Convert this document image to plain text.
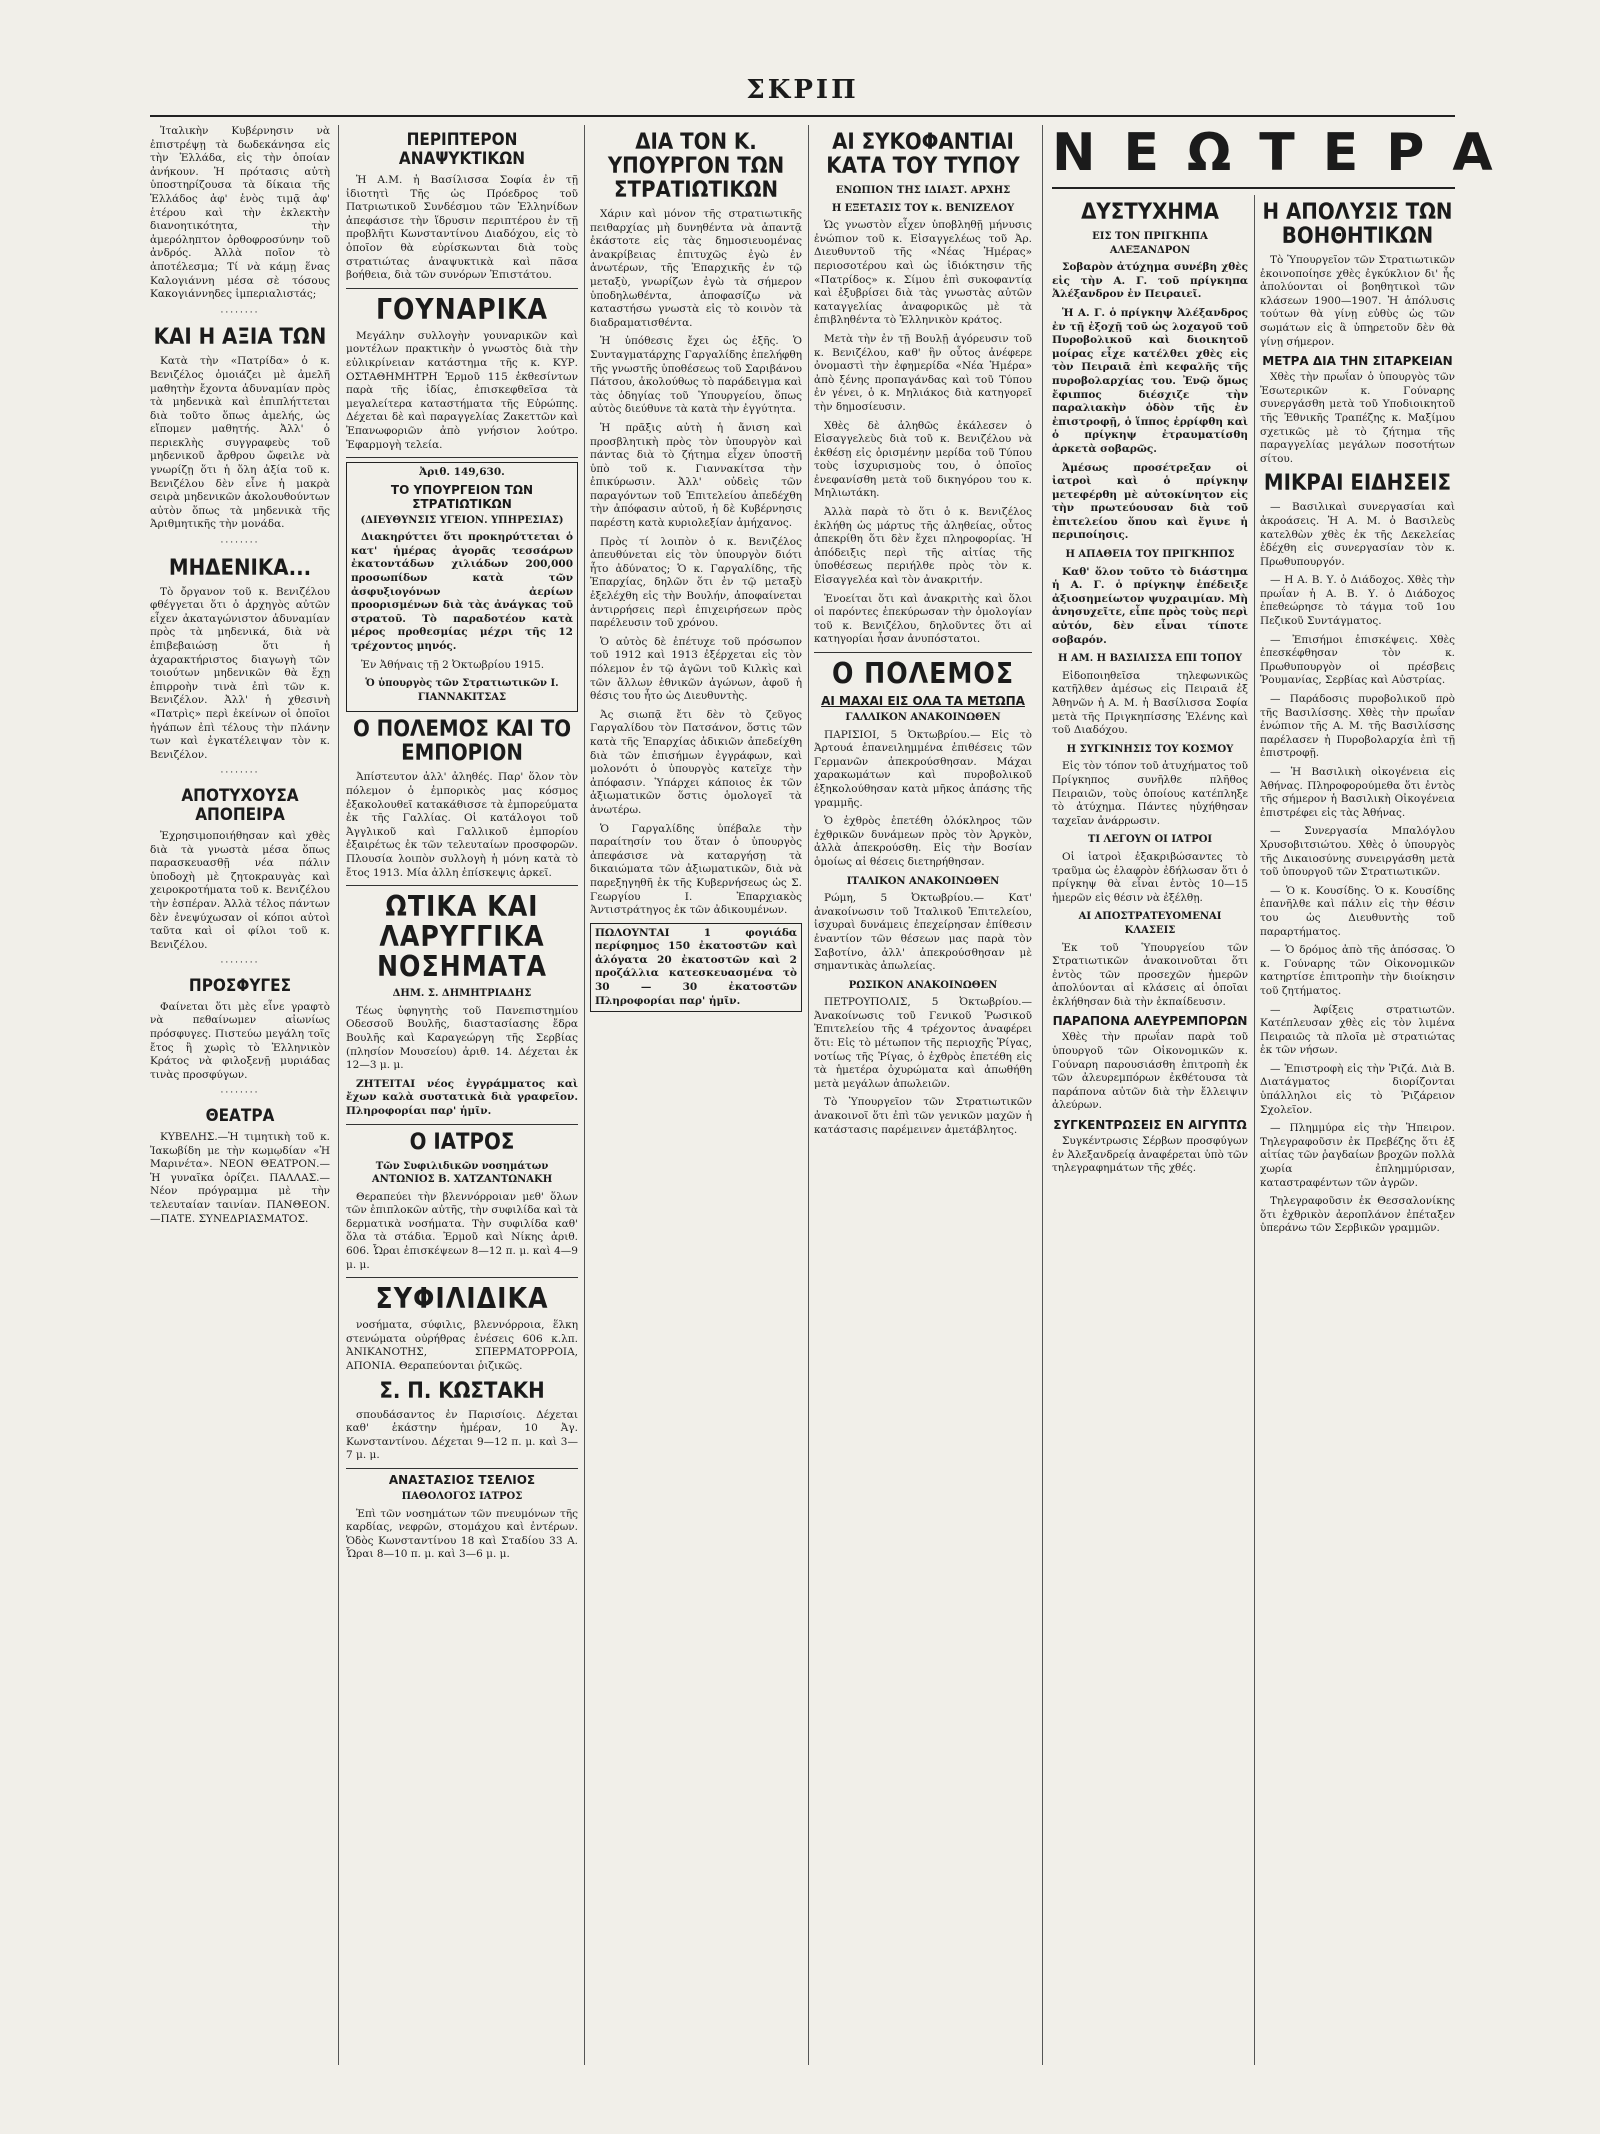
ΣΚΡΙΠ

Ἰταλικὴν Κυβέρνησιν νὰ ἐπιστρέψῃ τὰ δωδεκάνησα εἰς τὴν Ἑλλάδα, εἰς τὴν ὁποίαν ἀνήκουν. Ἡ πρότασις αὐτὴ ὑποστηρίζουσα τὰ δίκαια τῆς Ἑλλάδος ἀφ' ἑνὸς τιμᾷ ἀφ' ἑτέρου καὶ τὴν ἐκλεκτὴν διανοητικότητα, τὴν ἀμερόληπτον ὀρθοφροσύνην τοῦ ἀνδρός. Ἀλλὰ ποῖον τὸ ἀποτέλεσμα; Τί νὰ κάμῃ ἕνας Καλογιάννη μέσα σὲ τόσους Κακογιάννηδες ἱμπεριαλιστάς;

········
ΚΑΙ Η ΑΞΙΑ ΤΩΝ

Κατὰ τὴν «Πατρίδα» ὁ κ. Βενιζέλος ὁμοιάζει μὲ ἀμελῆ μαθητὴν ἔχοντα ἀδυναμίαν πρὸς τὰ μηδενικὰ καὶ ἐπιπλήττεται διὰ τοῦτο ὅπως ἀμελής, ὡς εἴπομεν μαθητής. Ἀλλ' ὁ περιεκλὴς συγγραφεὺς τοῦ μηδενικοῦ ἄρθρου ὤφειλε νὰ γνωρίζῃ ὅτι ἡ ὅλη ἀξία τοῦ κ. Βενιζέλου δὲν εἶνε ἡ μακρὰ σειρὰ μηδενικῶν ἀκολουθούντων αὐτὸν ὅπως τὰ μηδενικὰ τῆς Ἀριθμητικῆς τὴν μονάδα.

········
ΜΗΔΕΝΙΚΑ...

Τὸ ὄργανον τοῦ κ. Βενιζέλου φθέγγεται ὅτι ὁ ἀρχηγὸς αὐτῶν εἶχεν ἀκαταγώνιστον ἀδυναμίαν πρὸς τὰ μηδενικά, διὰ νὰ ἐπιβεβαιώσῃ ὅτι ἡ ἀχαρακτήριστος διαγωγὴ τῶν τοιούτων μηδενικῶν θὰ ἔχῃ ἐπιρροὴν τινὰ ἐπὶ τῶν κ. Βενιζέλον. Ἀλλ' ἡ χθεσινὴ «Πατρὶς» περὶ ἐκείνων οἱ ὁποῖοι ἠγάπων ἐπὶ τέλους τὴν πλάνην των καὶ ἐγκατέλειψαν τὸν κ. Βενιζέλον.

········
ΑΠΟΤΥΧΟΥΣΑ ΑΠΟΠΕΙΡΑ

Ἐχρησιμοποιήθησαν καὶ χθὲς διὰ τὰ γνωστὰ μέσα ὅπως παρασκευασθῇ νέα πάλιν ὑποδοχὴ μὲ ζητοκραυγὰς καὶ χειροκροτήματα τοῦ κ. Βενιζέλου τὴν ἑσπέραν. Ἀλλὰ τέλος πάντων δὲν ἐνεψύχωσαν οἱ κόποι αὐτοὶ ταῦτα καὶ οἱ φίλοι τοῦ κ. Βενιζέλου.

········
ΠΡΟΣΦΥΓΕΣ

Φαίνεται ὅτι μὲς εἶνε γραφτὸ νὰ πεθαίνωμεν αἰωνίως πρόσφυγες. Πιστεύω μεγάλη τοῖς ἔτος ἢ χωρὶς τὸ Ἑλληνικὸν Κράτος νὰ φιλοξενῇ μυριάδας τινὰς προσφύγων.

········
ΘΕΑΤΡΑ

ΚΥΒΕΛΗΣ.—Ἡ τιμητικὴ τοῦ κ. Ἰακωβίδη με τὴν κωμῳδίαν «Ἡ Μαρινέτα». ΝΕΟΝ ΘΕΑΤΡΟΝ.—Ἡ γυναῖκα ὁρίζει. ΠΑΛΛΑΣ.—Νέον πρόγραμμα μὲ τὴν τελευταίαν ταινίαν. ΠΑΝΘΕΟΝ.—ΠΑΤΕ. ΣΥΝΕΔΡΙΑΣΜΑΤΟΣ.

ΠΕΡΙΠΤΕΡΟΝ ΑΝΑΨΥΚΤΙΚΩΝ

Ἡ Α.Μ. ἡ Βασίλισσα Σοφία ἐν τῇ ἰδιοτητὶ Τῆς ὡς Πρόεδρος τοῦ Πατριωτικοῦ Συνδέσμου τῶν Ἑλληνίδων ἀπεφάσισε τὴν ἵδρυσιν περιπτέρου ἐν τῇ προβλῆτι Κωνσταντίνου Διαδόχου, εἰς τὸ ὁποῖον θὰ εὑρίσκωνται διὰ τοὺς στρατιώτας ἀναψυκτικὰ καὶ πᾶσα βοήθεια, διὰ τῶν συνόρων Ἐπιστάτου.

ΓΟΥΝΑΡΙΚΑ

Μεγάλην συλλογὴν γουναρικῶν καὶ μοντέλων πρακτικὴν ὁ γνωστὸς διὰ τὴν εὐλικρίνειαν κατάστημα τῆς κ. ΚΥΡ. ΟΣΤΑΘΗΜΗΤΡΗ Ἑρμοῦ 115 ἐκθεσίντων παρὰ τῆς ἰδίας, ἐπισκεφθεῖσα τὰ μεγαλείτερα καταστήματα τῆς Εὐρώπης. Δέχεται δὲ καὶ παραγγελίας Ζακεττῶν καὶ Ἐπανωφοριῶν ἀπὸ γνήσιον λούτρο. Ἐφαρμογὴ τελεία.

Ἀριθ. 149,630.
ΤΟ ΥΠΟΥΡΓΕΙΟΝ ΤΩΝ ΣΤΡΑΤΙΩΤΙΚΩΝ
(ΔΙΕΥΘΥΝΣΙΣ ΥΓΕΙΟΝ. ΥΠΗΡΕΣΙΑΣ)

Διακηρύττει ὅτι προκηρύττεται ὁ κατ' ἡμέρας ἀγορᾶς τεσσάρων ἐκατοντάδων χιλιάδων 200,000 προσωπίδων κατὰ τῶν ἀσφυξιογόνων ἀερίων προορισμένων διὰ τὰς ἀνάγκας τοῦ στρατοῦ. Τὸ παραδοτέον κατὰ μέρος προθεσμίας μέχρι τῆς 12 τρέχοντος μηνός.

Ἐν Ἀθήναις τῇ 2 Ὀκτωβρίου 1915.

Ὁ ὑπουργὸς τῶν Στρατιωτικῶν Ι. ΓΙΑΝΝΑΚΙΤΣΑΣ
Ο ΠΟΛΕΜΟΣ ΚΑΙ ΤΟ ΕΜΠΟΡΙΟΝ

Ἀπίστευτον ἀλλ' ἀληθές. Παρ' ὅλον τὸν πόλεμον ὁ ἐμπορικὸς μας κόσμος ἐξακολουθεῖ κατακάθισσε τὰ ἐμπορεύματα ἐκ τῆς Γαλλίας. Οἱ κατάλογοι τοῦ Ἀγγλικοῦ καὶ Γαλλικοῦ ἐμπορίου ἐξαιρέτως ἐκ τῶν τελευταίων προσφορῶν. Πλουσία λοιπὸν συλλογὴ ἡ μόνη κατὰ τὸ ἔτος 1913. Μία ἀλλη ἐπίσκεψις ἀρκεῖ.

ΩΤΙΚΑ ΚΑΙ ΛΑΡΥΓΓΙΚΑ ΝΟΣΗΜΑΤΑ
ΔΗΜ. Σ. ΔΗΜΗΤΡΙΑΔΗΣ

Τέως ὑφηγητὴς τοῦ Πανεπιστημίου Οδεσσοῦ Βουλῆς, διαστασίασης ἔδρα Βουλῆς καὶ Καραγεώργη τῆς Σερβίας (πλησίον Μουσείου) ἀριθ. 14. Δέχεται ἐκ 12—3 μ. μ.

ΖΗΤΕΙΤΑΙ νέος ἐγγράμματος καὶ ἔχων καλὰ συστατικὰ διὰ γραφεῖον. Πληροφορίαι παρ' ἡμῖν.

Ο ΙΑΤΡΟΣ
Τῶν Συφιλιδικῶν νοσημάτων ΑΝΤΩΝΙΟΣ Β. ΧΑΤΖΑΝΤΩΝΑΚΗ

Θεραπεύει τὴν βλεννόρροιαν μεθ' ὅλων τῶν ἐπιπλοκῶν αὐτῆς, τὴν συφιλίδα καὶ τὰ δερματικὰ νοσήματα. Τὴν συφιλίδα καθ' ὅλα τὰ στάδια. Ἐρμοῦ καὶ Νίκης ἀριθ. 606. Ὧραι ἐπισκέψεων 8—12 π. μ. καὶ 4—9 μ. μ.

ΣΥΦΙΛΙΔΙΚΑ

νοσήματα, σύφιλις, βλεννόρροια, ἕλκη στενώματα οὐρήθρας ἐνέσεις 606 κ.λπ. ἈΝΙΚΑΝΟΤΗΣ, ΣΠΕΡΜΑΤΟΡΡΟΙΑ, ΑΠΟΝΙΑ. Θεραπεύονται ῥιζικῶς.

Σ. Π. ΚΩΣΤΑΚΗ

σπουδάσαντος ἐν Παρισίοις. Δέχεται καθ' ἑκάστην ἡμέραν, 10 Ἀγ. Κωνσταντίνου. Δέχεται 9—12 π. μ. καὶ 3—7 μ. μ.

ΑΝΑΣΤΑΣΙΟΣ ΤΣΕΛΙΟΣ
ΠΑΘΟΛΟΓΟΣ ΙΑΤΡΟΣ

Ἐπὶ τῶν νοσημάτων τῶν πνευμόνων τῆς καρδίας, νεφρῶν, στομάχου καὶ ἐντέρων. Ὁδὸς Κωνσταντίνου 18 καὶ Σταδίου 33 Α. Ὧραι 8—10 π. μ. καὶ 3—6 μ. μ.

ΔΙΑ ΤΟΝ Κ. ΥΠΟΥΡΓΟΝ ΤΩΝ ΣΤΡΑΤΙΩΤΙΚΩΝ

Χάριν καὶ μόνον τῆς στρατιωτικῆς πειθαρχίας μὴ δυνηθέντα νὰ ἀπαντᾷ ἐκάστοτε εἰς τὰς δημοσιευομένας ἀνακρίβειας ἐπιτυχῶς ἐγὼ ἐν ἀνωτέρων, τῆς Ἐπαρχικῆς ἐν τῷ μεταξὺ, γνωρίζων ἐγὼ τὰ σήμερον ὑποδηλωθέντα, ἀποφασίζω νὰ καταστήσω γνωστὰ εἰς τὸ κοινὸν τὰ διαδραματισθέντα.

Ἡ ὑπόθεσις ἔχει ὡς ἑξῆς. Ὁ Συνταγματάρχης Γαργαλίδης ἐπελήφθη τῆς γνωστῆς ὑποθέσεως τοῦ Σαριβάνου Πάτσου, ἀκολούθως τὸ παράδειγμα καὶ τὰς ὁδηγίας τοῦ Ὑπουργείου, ὅπως αὐτὸς διεύθυνε τὰ κατὰ τὴν ἐγγύτητα.

Ἡ πρᾶξις αὐτὴ ἡ ἄνιση καὶ προσβλητικὴ πρὸς τὸν ὑπουργὸν καὶ πάντας διὰ τὸ ζήτημα εἶχεν ὑποστῆ ὑπὸ τοῦ κ. Γιαννακίτσα τὴν ἐπικύρωσιν. Ἀλλ' οὐδεὶς τῶν παραγόντων τοῦ Ἐπιτελείου ἀπεδέχθη τὴν ἀπόφασιν αὐτοῦ, ἡ δὲ Κυβέρνησις παρέστη κατὰ κυριολεξίαν ἀμήχανος.

Πρὸς τί λοιπὸν ὁ κ. Βενιζέλος ἀπευθύνεται εἰς τὸν ὑπουργὸν διότι ἦτο ἀδύνατος; Ὁ κ. Γαργαλίδης, τῆς Ἐπαρχίας, δηλῶν ὅτι ἐν τῷ μεταξὺ ἐξελέχθη εἰς τὴν Βουλήν, ἀποφαίνεται ἀντιρρήσεις περὶ ἐπιχειρήσεων πρὸς παρέλευσιν τοῦ χρόνου.

Ὁ αὐτὸς δὲ ἐπέτυχε τοῦ πρόσωπον τοῦ 1912 καὶ 1913 ἐξέρχεται εἰς τὸν πόλεμον ἐν τῷ ἀγῶνι τοῦ Κιλκὶς καὶ τῶν ἄλλων ἐθνικῶν ἀγώνων, ἀφοῦ ἡ θέσις του ἦτο ὡς Διευθυντὴς.

Ἀς σιωπᾷ ἔτι δὲν τὸ ζεῦγος Γαργαλίδου τὸν Πατσάνον, ὅστις τῶν κατὰ τῆς Ἐπαρχίας ἀδικιῶν ἀπεδείχθη διὰ τῶν ἐπισήμων ἐγγράφων, καὶ μολονότι ὁ ὑπουργὸς κατεῖχε τὴν ἀπόφασιν. Ὑπάρχει κάποιος ἐκ τῶν ἀξιωματικῶν ὅστις ὁμολογεῖ τὰ ἀνωτέρω.

Ὁ Γαργαλίδης ὑπέβαλε τὴν παραίτησίν του ὅταν ὁ ὑπουργὸς ἀπεφάσισε νὰ καταργήσῃ τὰ δικαιώματα τῶν ἀξιωματικῶν, διὰ νὰ παρεξηγηθῆ ἐκ τῆς Κυβερνήσεως ὡς Σ. Γεωργίου Ι. Ἐπαρχιακὸς Ἀντιστράτηγος ἐκ τῶν ἀδικουμένων.

ΠΩΛΟΥΝΤΑΙ 1 φογιάδα περίφημος 150 ἐκατοστῶν καὶ ἀλόγατα 20 ἐκατοστῶν καὶ 2 προζάλλια κατεσκευασμένα τὸ 30 — 30 ἐκατοστῶν Πληροφορίαι παρ' ἡμῖν.
ΑΙ ΣΥΚΟΦΑΝΤΙΑΙ ΚΑΤΑ ΤΟΥ ΤΥΠΟΥ
ΕΝΩΠΙΟΝ ΤΗΣ ΙΔΙΑΣΤ. ΑΡΧΗΣ
Η ΕΞΕΤΑΣΙΣ ΤΟΥ κ. ΒΕΝΙΖΕΛΟΥ

Ὡς γνωστὸν εἶχεν ὑποβληθῇ μήνυσις ἐνώπιον τοῦ κ. Εἰσαγγελέως τοῦ Ἀρ. Διευθυντοῦ τῆς «Νέας Ἡμέρας» περιοσοτέρου καὶ ὡς ἰδιόκτησιν τῆς «Πατρίδος» κ. Σίμου ἐπὶ συκοφαντίᾳ καὶ ἐξυβρίσει διὰ τὰς γνωστὰς αὐτῶν καταγγελίας ἀναφορικῶς μὲ τὰ ἐπιβληθέντα τὸ Ἐλληνικὸν κράτος.

Μετὰ τὴν ἐν τῇ Βουλῇ ἀγόρευσιν τοῦ κ. Βενιζέλου, καθ' ἣν οὗτος ἀνέφερε ὀνομαστὶ τὴν ἐφημερίδα «Νέα Ἡμέρα» ἀπὸ ξένης προπαγάνδας καὶ τοῦ Τύπου ἐν γένει, ὁ κ. Μηλιάκος διὰ κατηγορεῖ τὴν δημοσίευσιν.

Χθὲς δὲ ἀληθῶς ἐκάλεσεν ὁ Εἰσαγγελεὺς διὰ τοῦ κ. Βενιζέλου νὰ ἐκθέσῃ εἰς ὁρισμένην μερίδα τοῦ Τύπου τοὺς ἰσχυρισμοὺς του, ὁ ὁποῖος ἐνεφανίσθη μετὰ τοῦ δικηγόρου του κ. Μηλιωτάκη.

Ἀλλὰ παρὰ τὸ ὅτι ὁ κ. Βενιζέλος ἐκλήθη ὡς μάρτυς τῆς ἀληθείας, οὗτος ἀπεκρίθη ὅτι δὲν ἔχει πληροφορίας. Ἡ ἀπόδειξις περὶ τῆς αἰτίας τῆς ὑποθέσεως περιήλθε πρὸς τὸν κ. Εἰσαγγελέα καὶ τὸν ἀνακριτήν.

Ἐνοείται ὅτι καὶ ἀνακριτὴς καὶ ὅλοι οἱ παρόντες ἐπεκύρωσαν τὴν ὁμολογίαν τοῦ κ. Βενιζέλου, δηλοῦντες ὅτι αἱ κατηγορίαι ἦσαν ἀνυπόστατοι.

Ο ΠΟΛΕΜΟΣ
ΑΙ ΜΑΧΑΙ ΕΙΣ ΟΛΑ ΤΑ ΜΕΤΩΠΑ
ΓΑΛΛΙΚΟΝ ΑΝΑΚΟΙΝΩΘΕΝ

ΠΑΡΙΣΙΟΙ, 5 Ὀκτωβρίου.— Εἰς τὸ Ἀρτουά ἐπανειλημμένα ἐπιθέσεις τῶν Γερμανῶν ἀπεκρούσθησαν. Μάχαι χαρακωμάτων καὶ πυροβολικοῦ ἐξηκολούθησαν κατὰ μῆκος ἁπάσης τῆς γραμμῆς.

Ὁ ἐχθρὸς ἐπετέθη ὁλόκληρος τῶν ἐχθρικῶν δυνάμεων πρὸς τὸν Ἀργκὸν, ἀλλὰ ἀπεκρούσθη. Εἰς τὴν Βοσίαν ὁμοίως αἱ θέσεις διετηρήθησαν.

ΙΤΑΛΙΚΟΝ ΑΝΑΚΟΙΝΩΘΕΝ

Ρώμη, 5 Ὀκτωβρίου.— Κατ' ἀνακοίνωσιν τοῦ Ἰταλικοῦ Ἐπιτελείου, ἰσχυραὶ δυνάμεις ἐπεχείρησαν ἐπίθεσιν ἐναντίον τῶν θέσεων μας παρὰ τὸν Σαβοτίνο, ἀλλ' ἀπεκρούσθησαν μὲ σημαντικὰς ἀπωλείας.

ΡΩΣΙΚΟΝ ΑΝΑΚΟΙΝΩΘΕΝ

ΠΕΤΡΟΥΠΟΛΙΣ, 5 Ὀκτωβρίου.— Ἀνακοίνωσις τοῦ Γενικοῦ Ῥωσικοῦ Ἐπιτελείου τῆς 4 τρέχοντος ἀναφέρει ὅτι: Εἰς τὸ μέτωπον τῆς περιοχῆς Ῥίγας, νοτίως τῆς Ῥίγας, ὁ ἐχθρὸς ἐπετέθη εἰς τὰ ἡμετέρα ὀχυρώματα καὶ ἀπωθήθη μετὰ μεγάλων ἀπωλειῶν.

Τὸ Ὑπουργεῖον τῶν Στρατιωτικῶν ἀνακοινοῖ ὅτι ἐπὶ τῶν γενικῶν μαχῶν ἡ κατάστασις παρέμεινεν ἀμετάβλητος.

ΝΕΩΤΕΡΑ
ΔΥΣΤΥΧΗΜΑ
ΕΙΣ ΤΟΝ ΠΡΙΓΚΗΠΑ ΑΛΕΞΑΝΔΡΟΝ

Σοβαρὸν ἀτύχημα συνέβη χθὲς εἰς τὴν Α. Γ. τοῦ πρίγκηπα Ἀλέξανδρον ἐν Πειραιεῖ.

Ἡ Α. Γ. ὁ πρίγκηψ Ἀλέξανδρος ἐν τῇ ἐξοχῇ τοῦ ὡς λοχαγοῦ τοῦ Πυροβολικοῦ καὶ διοικητοῦ μοίρας εἶχε κατέλθει χθὲς εἰς τὸν Πειραιᾶ ἐπὶ κεφαλῆς τῆς πυροβολαρχίας του. Ἐνῷ ὅμως ἔφιππος διέσχιζε τὴν παραλιακὴν ὁδὸν τῆς ἐν ἐπιστροφῇ, ὁ ἵππος ἐρρίφθη καὶ ὁ πρίγκηψ ἐτραυματίσθη ἀρκετὰ σοβαρῶς.

Ἀμέσως προσέτρεξαν οἱ ἰατροὶ καὶ ὁ πρίγκηψ μετεφέρθη μὲ αὐτοκίνητον εἰς τὴν πρωτεύουσαν διὰ τοῦ ἐπιτελείου ὅπου καὶ ἔγινε ἡ περιποίησις.

Η ΑΠΑΘΕΙΑ ΤΟΥ ΠΡΙΓΚΗΠΟΣ

Καθ' ὅλον τοῦτο τὸ διάστημα ἡ Α. Γ. ὁ πρίγκηψ ἐπέδειξε ἀξιοσημείωτον ψυχραιμίαν. Μὴ ἀνησυχεῖτε, εἶπε πρὸς τοὺς περὶ αὐτόν, δὲν εἶναι τίποτε σοβαρόν.

Η ΑΜ. Η ΒΑΣΙΛΙΣΣΑ ΕΠΙ ΤΟΠΟΥ

Εἰδοποιηθεῖσα τηλεφωνικῶς κατῆλθεν ἀμέσως εἰς Πειραιᾶ ἐξ Ἀθηνῶν ἡ Α. Μ. ἡ Βασίλισσα Σοφία μετὰ τῆς Πριγκηπίσσης Ἑλένης καὶ τοῦ Διαδόχου.

Η ΣΥΓΚΙΝΗΣΙΣ ΤΟΥ ΚΟΣΜΟΥ

Εἰς τὸν τόπον τοῦ ἀτυχήματος τοῦ Πρίγκηπος συνῆλθε πλῆθος Πειραιῶν, τοὺς ὁποίους κατέπληξε τὸ ἀτύχημα. Πάντες ηὐχήθησαν ταχεῖαν ἀνάρρωσιν.

ΤΙ ΛΕΓΟΥΝ ΟΙ ΙΑΤΡΟΙ

Οἱ ἰατροὶ ἐξακριβώσαντες τὸ τραῦμα ὡς ἐλαφρὸν ἐδήλωσαν ὅτι ὁ πρίγκηψ θὰ εἶναι ἐντὸς 10—15 ἡμερῶν εἰς θέσιν νὰ ἐξέλθῃ.

ΑΙ ΑΠΟΣΤΡΑΤΕΥΟΜΕΝΑΙ ΚΛΑΣΕΙΣ

Ἐκ τοῦ Ὑπουργείου τῶν Στρατιωτικῶν ἀνακοινοῦται ὅτι ἐντὸς τῶν προσεχῶν ἡμερῶν ἀπολύονται αἱ κλάσεις αἱ ὁποῖαι ἐκλήθησαν διὰ τὴν ἐκπαίδευσιν.

ΠΑΡΑΠΟΝΑ ΑΛΕΥΡΕΜΠΟΡΩΝ

Χθὲς τὴν πρωΐαν παρὰ τοῦ ὑπουργοῦ τῶν Οἰκονομικῶν κ. Γούναρη παρουσιάσθη ἐπιτροπὴ ἐκ τῶν ἀλευρεμπόρων ἐκθέτουσα τὰ παράπονα αὐτῶν διὰ τὴν ἔλλειψιν ἀλεύρων.

ΣΥΓΚΕΝΤΡΩΣΕΙΣ ΕΝ ΑΙΓΥΠΤΩ

Συγκέντρωσις Σέρβων προσφύγων ἐν Ἀλεξανδρείᾳ ἀναφέρεται ὑπὸ τῶν τηλεγραφημάτων τῆς χθές.

Η ΑΠΟΛΥΣΙΣ ΤΩΝ ΒΟΗΘΗΤΙΚΩΝ

Τὸ Ὑπουργεῖον τῶν Στρατιωτικῶν ἐκοινοποίησε χθὲς ἐγκύκλιον δι' ἧς ἀπολύονται οἱ βοηθητικοὶ τῶν κλάσεων 1900—1907. Ἡ ἀπόλυσις τούτων θὰ γίνῃ εὐθὺς ὡς τῶν σωμάτων εἰς ἃ ὑπηρετοῦν δὲν θὰ γίνῃ σήμερον.

ΜΕΤΡΑ ΔΙΑ ΤΗΝ ΣΙΤΑΡΚΕΙΑΝ

Χθὲς τὴν πρωΐαν ὁ ὑπουργὸς τῶν Ἐσωτερικῶν κ. Γούναρης συνεργάσθη μετὰ τοῦ Υποδιοικητοῦ τῆς Ἐθνικῆς Τραπέζης κ. Μαξίμου σχετικῶς μὲ τὸ ζήτημα τῆς παραγγελίας μεγάλων ποσοτήτων σίτου.

ΜΙΚΡΑΙ ΕΙΔΗΣΕΙΣ

— Βασιλικαὶ συνεργασίαι καὶ ἀκροάσεις. Ἡ Α. Μ. ὁ Βασιλεὺς κατελθὼν χθὲς ἐκ τῆς Δεκελείας ἐδέχθη εἰς συνεργασίαν τὸν κ. Πρωθυπουργόν.

— Η Α. Β. Υ. ὁ Διάδοχος. Χθὲς τὴν πρωΐαν ἡ Α. Β. Υ. ὁ Διάδοχος ἐπεθεώρησε τὸ τάγμα τοῦ 1ου Πεζικοῦ Συντάγματος.

— Ἐπισήμοι ἐπισκέψεις. Χθὲς ἐπεσκέφθησαν τὸν κ. Πρωθυπουργὸν οἱ πρέσβεις Ῥουμανίας, Σερβίας καὶ Αὐστρίας.

— Παράδοσις πυροβολικοῦ πρὸ τῆς Βασιλίσσης. Χθὲς τὴν πρωΐαν ἐνώπιον τῆς Α. Μ. τῆς Βασιλίσσης παρέλασεν ἡ Πυροβολαρχία ἐπὶ τῇ ἐπιστροφῇ.

— Ἡ Βασιλικὴ οἰκογένεια εἰς Ἀθήνας. Πληροφορούμεθα ὅτι ἐντὸς τῆς σήμερον ἡ Βασιλικὴ Οἰκογένεια ἐπιστρέφει εἰς τὰς Ἀθήνας.

— Συνεργασία Μπαλόγλου Χρυσοβιτσιώτου. Χθὲς ὁ ὑπουργὸς τῆς Δικαιοσύνης συνειργάσθη μετὰ τοῦ ὑπουργοῦ τῶν Στρατιωτικῶν.

— Ὁ κ. Κουσίδης. Ὁ κ. Κουσίδης ἐπανῆλθε καὶ πάλιν εἰς τὴν θέσιν του ὡς Διευθυντὴς τοῦ παραρτήματος.

— Ὁ δρόμος ἀπὸ τῆς ἀπόσσας. Ὁ κ. Γούναρης τῶν Οἰκονομικῶν κατηρτίσε ἐπιτροπὴν τὴν διοίκησιν τοῦ ζητήματος.

— Ἀφίξεις στρατιωτῶν. Κατέπλευσαν χθὲς εἰς τὸν λιμένα Πειραιῶς τὰ πλοῖα μὲ στρατιώτας ἐκ τῶν νήσων.

— Ἐπιστροφὴ εἰς τὴν Ῥιζά. Διὰ Β. Διατάγματος διορίζονται ὑπάλληλοι εἰς τὸ Ῥιζάρειον Σχολεῖον.

— Πλημμύρα εἰς τὴν Ἠπειρον. Τηλεγραφοῦσιν ἐκ Πρεβέζης ὅτι ἐξ αἰτίας τῶν ῥαγδαίων βροχῶν πολλὰ χωρία ἐπλημμύρισαν, καταστραφέντων τῶν ἀγρῶν.

Τηλεγραφοῦσιν ἐκ Θεσσαλονίκης ὅτι ἐχθρικὸν ἀεροπλάνον ἐπέταξεν ὑπεράνω τῶν Σερβικῶν γραμμῶν.
